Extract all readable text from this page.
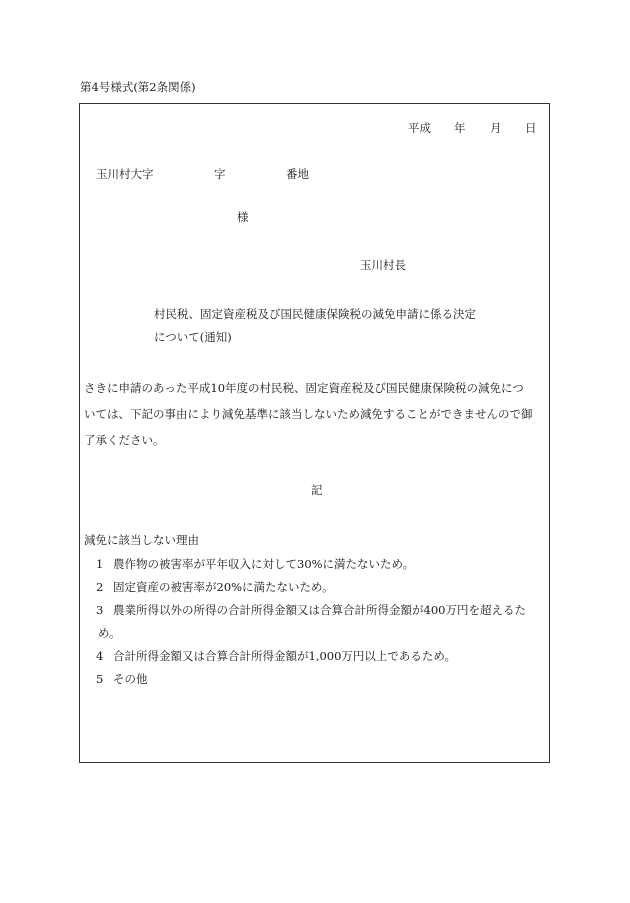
第4号様式(第2条関係)
平成 年 月 日
玉川村大字	字	番地
様
玉川村長
村民税、固定資産税及び国民健康保険税の減免申請に係る決定
について(通知)
さきに申請のあった平成10年度の村民税、固定資産税及び国民健康保険税の減免につ
いては、下記の事由により減免基準に該当しないため減免することができませんので御
了承ください。
記
減免に該当しない理由
1 農作物の被害率が平年収入に対して30%に満たないため。
2 固定資産の被害率が20%に満たないため。
3 農業所得以外の所得の合計所得金額又は合算合計所得金額が400万円を超えるた
め。
4 合計所得金額又は合算合計所得金額が1,000万円以上であるため。
5 その他
